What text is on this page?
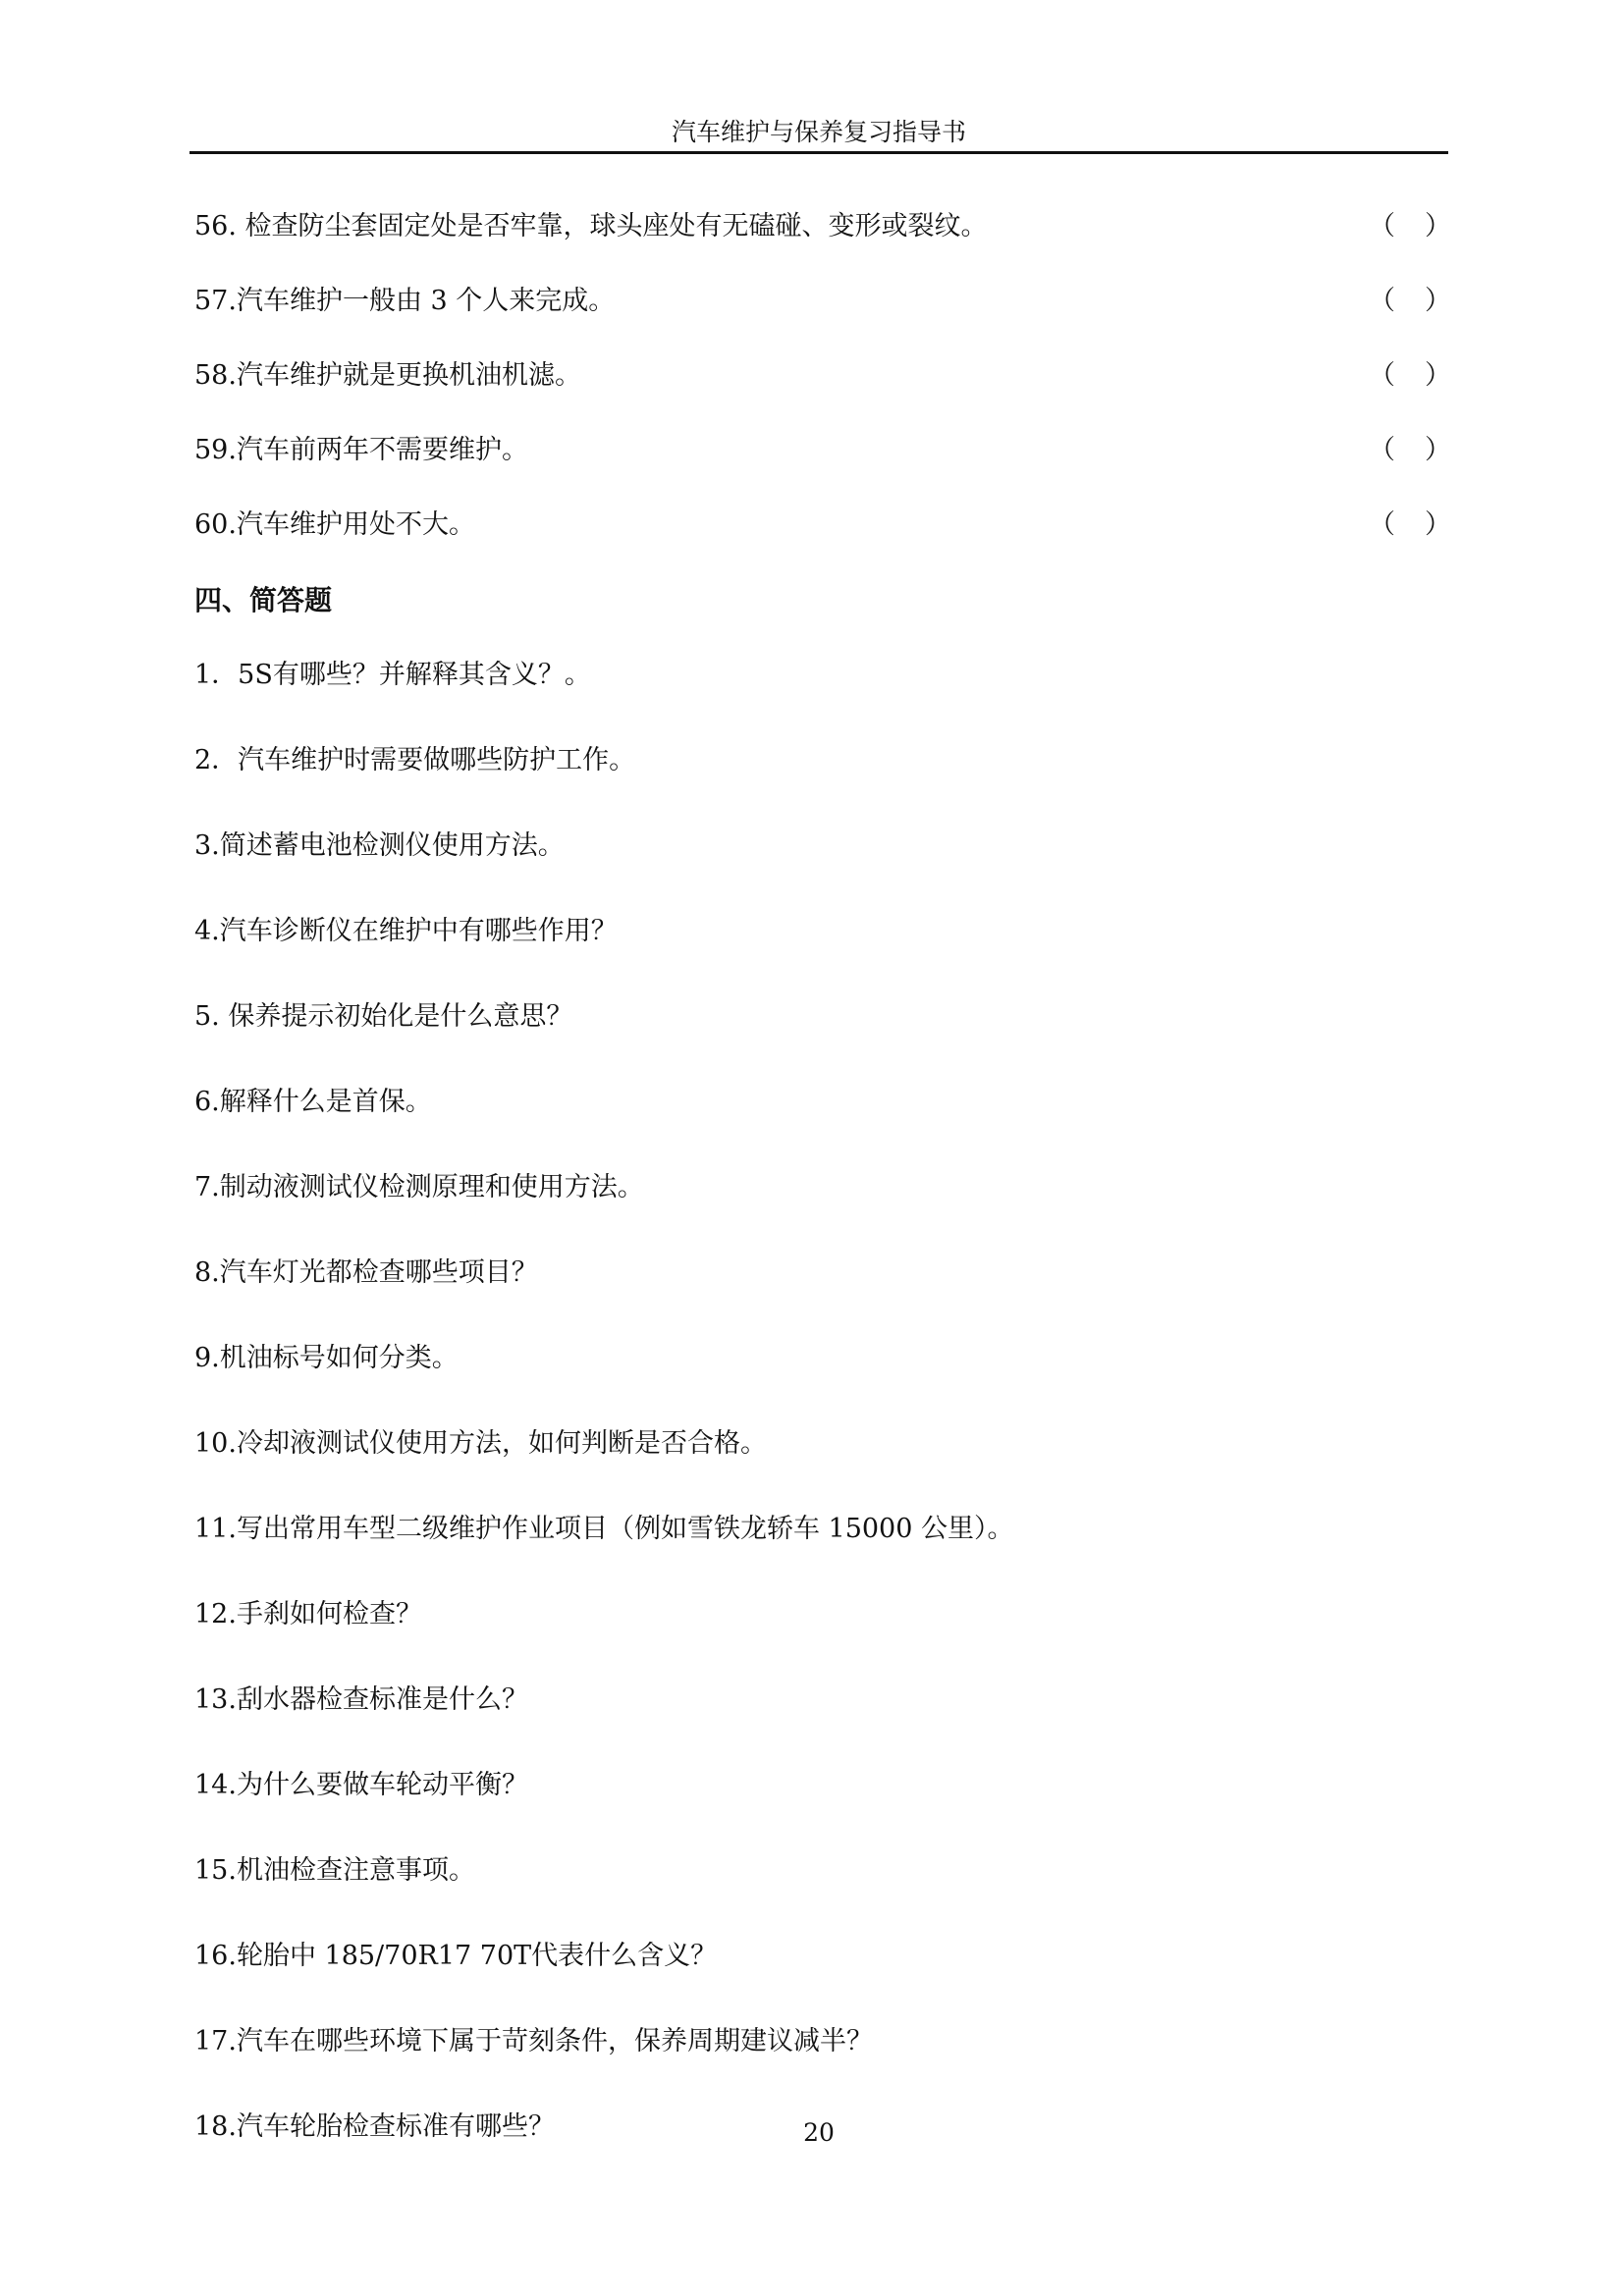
汽车维护与保养复习指导书
56. 检查防尘套固定处是否牢靠，球头座处有无磕碰、变形或裂纹。	（ ）
57.汽车维护一般由 3 个人来完成。	（ ）
58.汽车维护就是更换机油机滤。	（ ）
59.汽车前两年不需要维护。	（ ）
60.汽车维护用处不大。	（ ）
四、简答题
1．5S有哪些？并解释其含义？。
2．汽车维护时需要做哪些防护工作。
3.简述蓄电池检测仪使用方法。
4.汽车诊断仪在维护中有哪些作用？
5. 保养提示初始化是什么意思？
6.解释什么是首保。
7.制动液测试仪检测原理和使用方法。
8.汽车灯光都检查哪些项目？
9.机油标号如何分类。
10.冷却液测试仪使用方法，如何判断是否合格。
11.写出常用车型二级维护作业项目（例如雪铁龙轿车 15000 公里）。
12.手刹如何检查？
13.刮水器检查标准是什么？
14.为什么要做车轮动平衡？
15.机油检查注意事项。
16.轮胎中 185/70R17 70T代表什么含义？
17.汽车在哪些环境下属于苛刻条件，保养周期建议减半？
18.汽车轮胎检查标准有哪些？	20
